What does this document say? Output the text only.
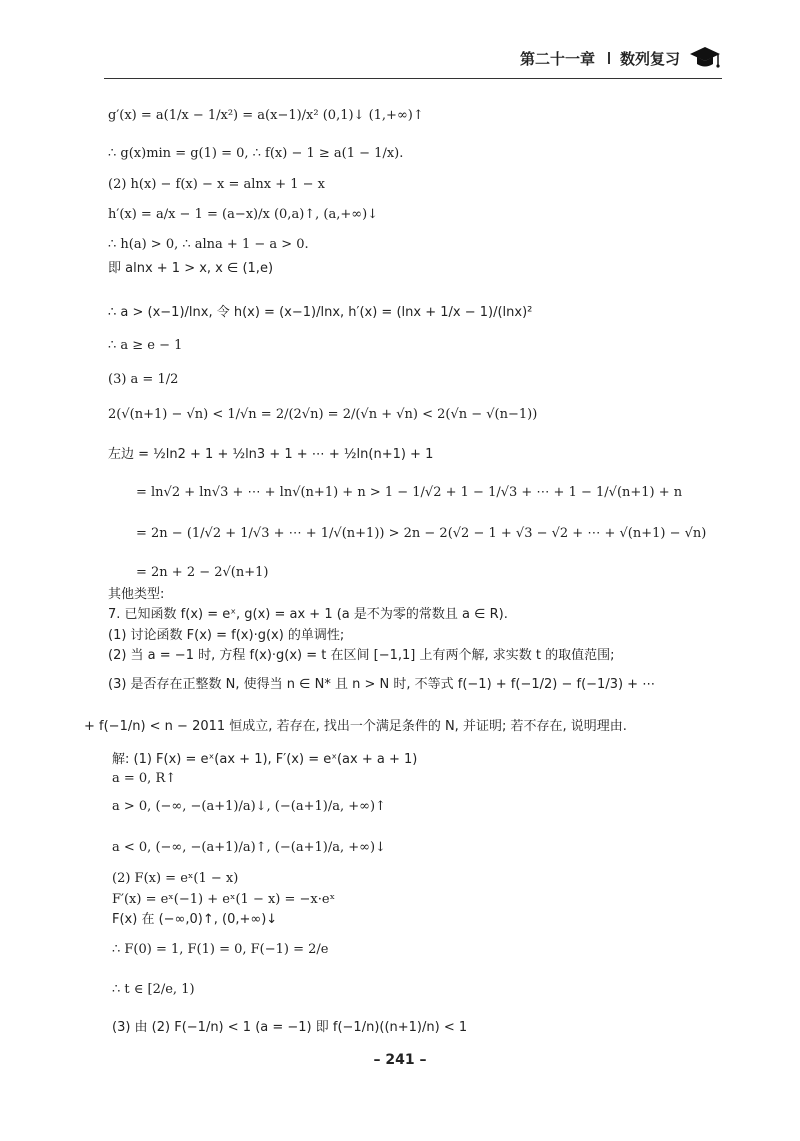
第二十一章 数列复习
g′(x) = a(1/x − 1/x²) = a(x−1)/x² (0,1)↓ (1,+∞)↑
∴ g(x)min = g(1) = 0, ∴ f(x) − 1 ≥ a(1 − 1/x).
(2) h(x) − f(x) − x = alnx + 1 − x
h′(x) = a/x − 1 = (a−x)/x (0,a)↑, (a,+∞)↓
∴ h(a) > 0, ∴ alna + 1 − a > 0.
即 alnx + 1 > x, x ∈ (1,e)
∴ a > (x−1)/lnx, 令 h(x) = (x−1)/lnx, h′(x) = (lnx + 1/x − 1)/(lnx)²
∴ a ≥ e − 1
(3) a = 1/2
2(√(n+1) − √n) < 1/√n = 2/(2√n) = 2/(√n + √n) < 2(√n − √(n−1))
左边 = ½ln2 + 1 + ½ln3 + 1 + ⋯ + ½ln(n+1) + 1
= ln√2 + ln√3 + ⋯ + ln√(n+1) + n > 1 − 1/√2 + 1 − 1/√3 + ⋯ + 1 − 1/√(n+1) + n
= 2n − (1/√2 + 1/√3 + ⋯ + 1/√(n+1)) > 2n − 2(√2 − 1 + √3 − √2 + ⋯ + √(n+1) − √n)
= 2n + 2 − 2√(n+1)
其他类型:
7. 已知函数 f(x) = eˣ, g(x) = ax + 1 (a 是不为零的常数且 a ∈ R).
(1) 讨论函数 F(x) = f(x)·g(x) 的单调性;
(2) 当 a = −1 时, 方程 f(x)·g(x) = t 在区间 [−1,1] 上有两个解, 求实数 t 的取值范围;
(3) 是否存在正整数 N, 使得当 n ∈ N* 且 n > N 时, 不等式 f(−1) + f(−1/2) − f(−1/3) + ⋯
+ f(−1/n) < n − 2011 恒成立, 若存在, 找出一个满足条件的 N, 并证明; 若不存在, 说明理由.
解: (1) F(x) = eˣ(ax + 1), F′(x) = eˣ(ax + a + 1)
a = 0, R↑
a > 0, (−∞, −(a+1)/a)↓, (−(a+1)/a, +∞)↑
a < 0, (−∞, −(a+1)/a)↑, (−(a+1)/a, +∞)↓
(2) F(x) = eˣ(1 − x)
F′(x) = eˣ(−1) + eˣ(1 − x) = −x·eˣ
F(x) 在 (−∞,0)↑, (0,+∞)↓
∴ F(0) = 1, F(1) = 0, F(−1) = 2/e
∴ t ∈ [2/e, 1)
(3) 由 (2) F(−1/n) < 1 (a = −1) 即 f(−1/n)((n+1)/n) < 1
– 241 –
